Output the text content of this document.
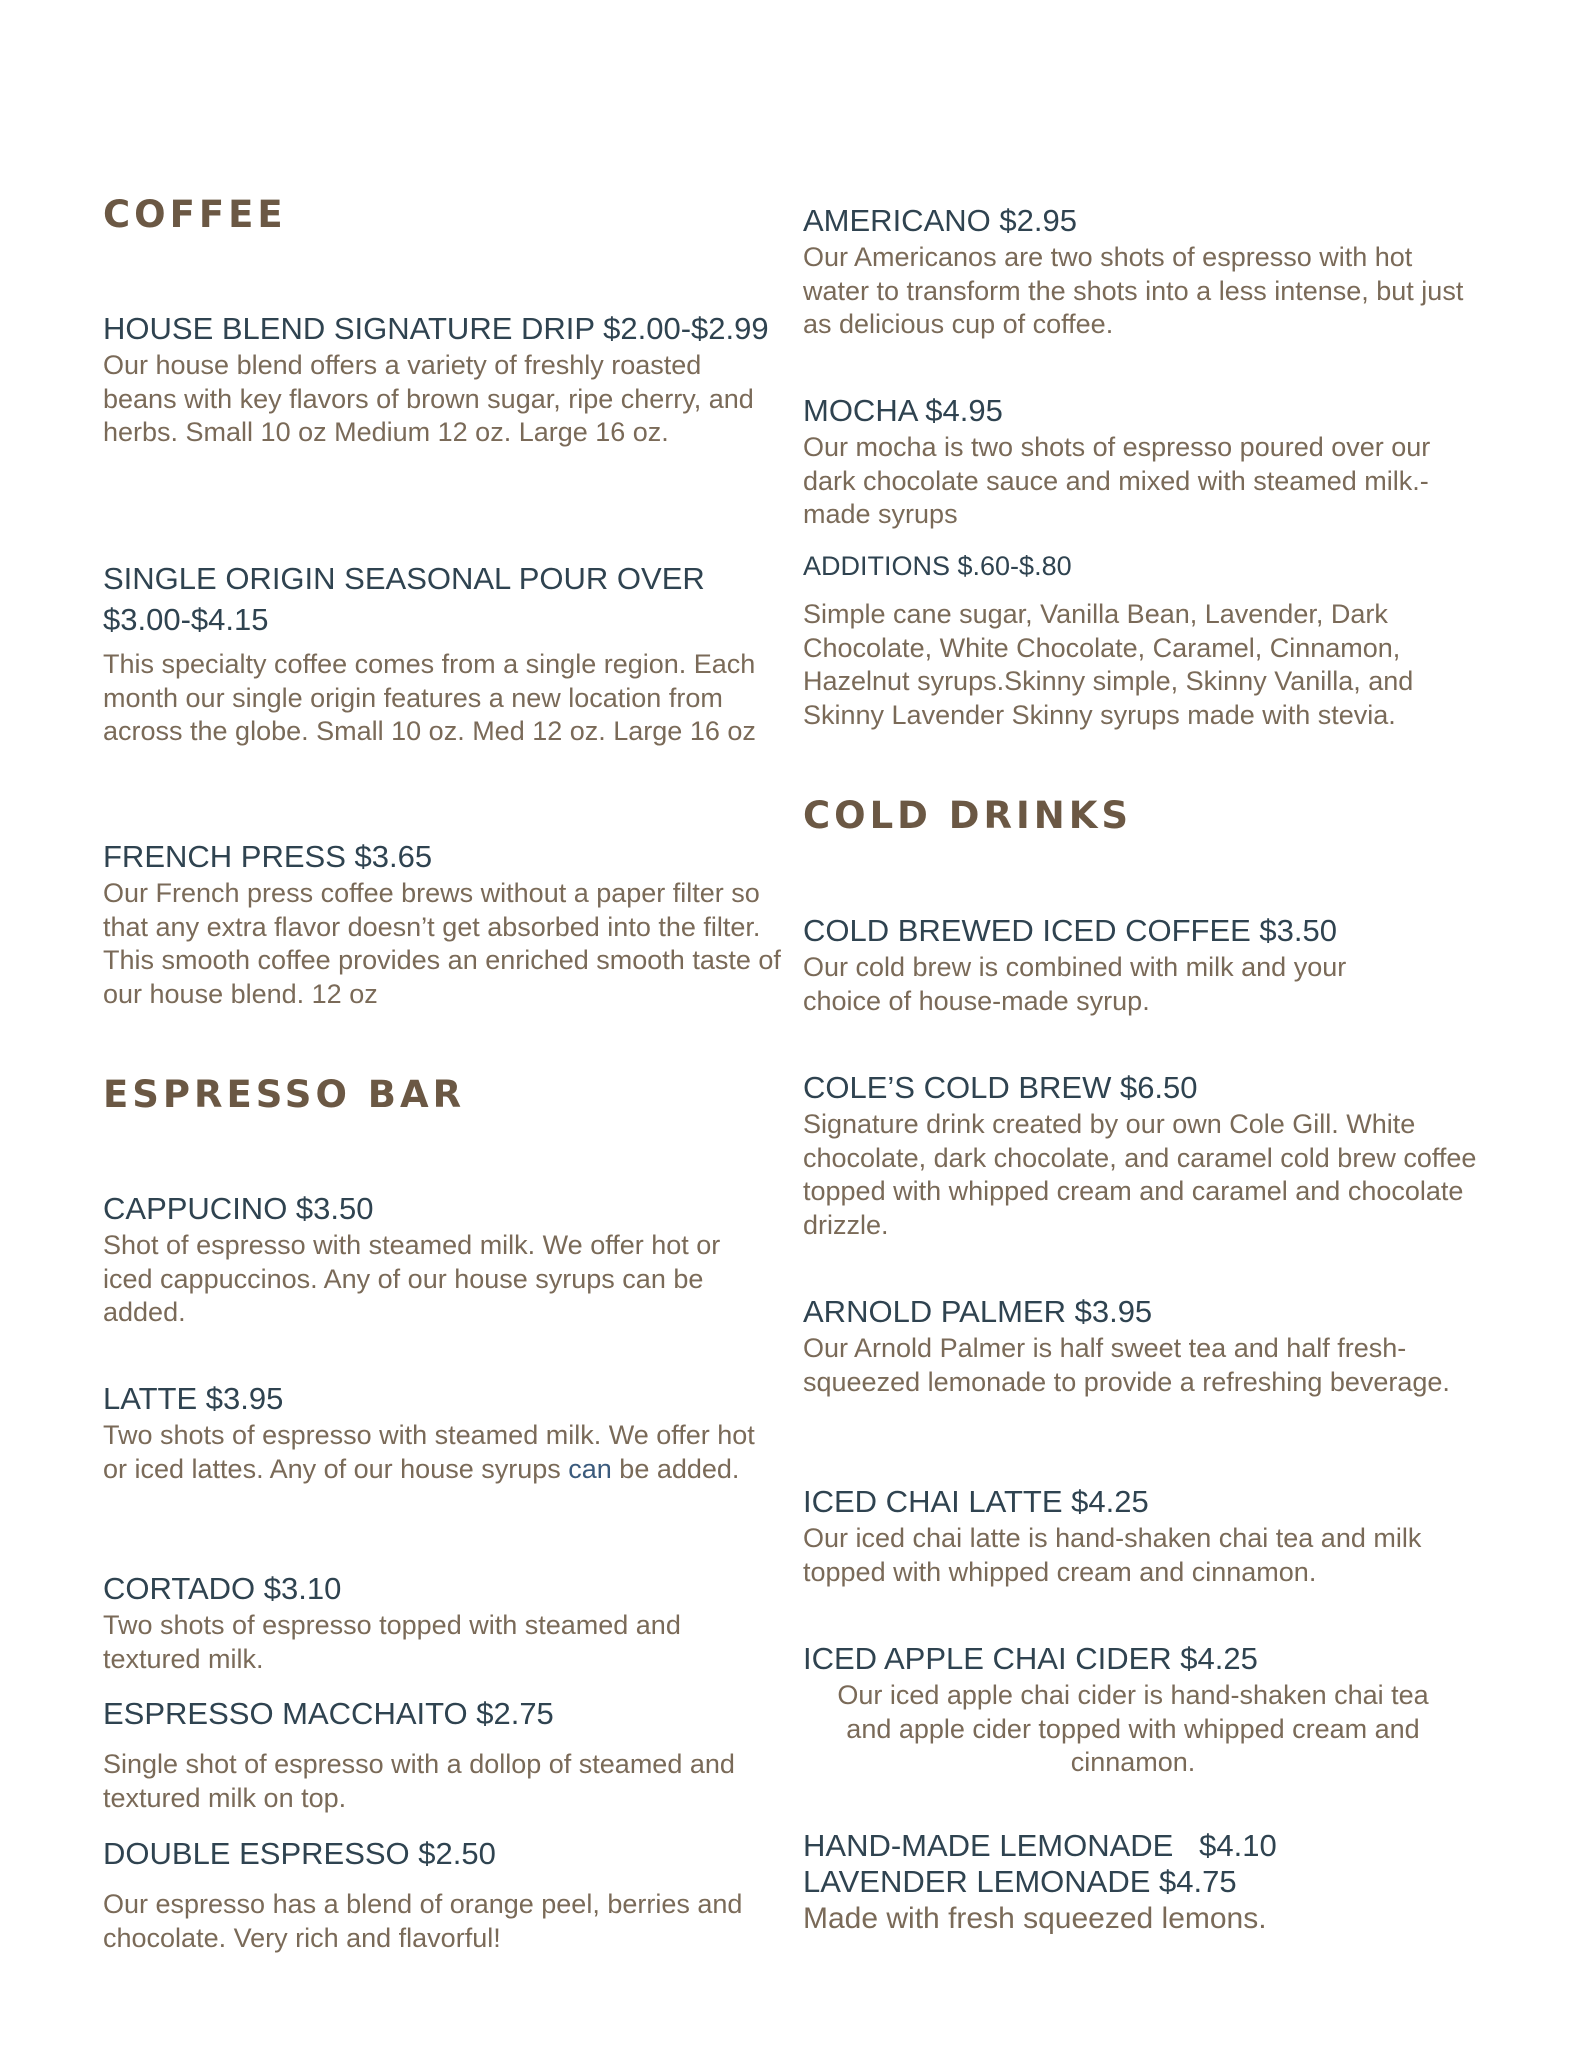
COFFEE
HOUSE BLEND SIGNATURE DRIP $2.00-$2.99

Our house blend offers a variety of freshly roasted beans with key flavors of brown sugar, ripe cherry, and herbs. Small 10 oz Medium 12 oz. Large 16 oz.

SINGLE ORIGIN SEASONAL POUR OVER $3.00-$4.15

This specialty coffee comes from a single region. Each month our single origin features a new location from across the globe. Small 10 oz. Med 12 oz. Large 16 oz

FRENCH PRESS $3.65

Our French press coffee brews without a paper filter so that any extra flavor doesn’t get absorbed into the filter. This smooth coffee provides an enriched smooth taste of our house blend. 12 oz

ESPRESSO BAR
CAPPUCINO $3.50

Shot of espresso with steamed milk. We offer hot or iced cappuccinos. Any of our house syrups can be added.

LATTE $3.95

Two shots of espresso with steamed milk. We offer hot or iced lattes. Any of our house syrups can be added.

CORTADO $3.10

Two shots of espresso topped with steamed and textured milk.

ESPRESSO MACCHAITO $2.75

Single shot of espresso with a dollop of steamed and textured milk on top.

DOUBLE ESPRESSO $2.50

Our espresso has a blend of orange peel, berries and chocolate. Very rich and flavorful!

AMERICANO $2.95

Our Americanos are two shots of espresso with hot water to transform the shots into a less intense, but just as delicious cup of coffee.

MOCHA $4.95

Our mocha is two shots of espresso poured over our dark chocolate sauce and mixed with steamed milk.-made syrups

ADDITIONS $.60-$.80

Simple cane sugar, Vanilla Bean, Lavender, Dark Chocolate, White Chocolate, Caramel, Cinnamon, Hazelnut syrups.Skinny simple, Skinny Vanilla, and Skinny Lavender Skinny syrups made with stevia.

COLD DRINKS
COLD BREWED ICED COFFEE $3.50

Our cold brew is combined with milk and your choice of house-made syrup.

COLE’S COLD BREW $6.50

Signature drink created by our own Cole Gill. White chocolate, dark chocolate, and caramel cold brew coffee topped with whipped cream and caramel and chocolate drizzle.

ARNOLD PALMER $3.95

Our Arnold Palmer is half sweet tea and half fresh-squeezed lemonade to provide a refreshing beverage.

ICED CHAI LATTE $4.25

Our iced chai latte is hand-shaken chai tea and milk topped with whipped cream and cinnamon.

ICED APPLE CHAI CIDER $4.25

Our iced apple chai cider is hand-shaken chai tea and apple cider topped with whipped cream and cinnamon.

HAND-MADE LEMONADE   $4.10
LAVENDER LEMONADE $4.75

Made with fresh squeezed lemons.
